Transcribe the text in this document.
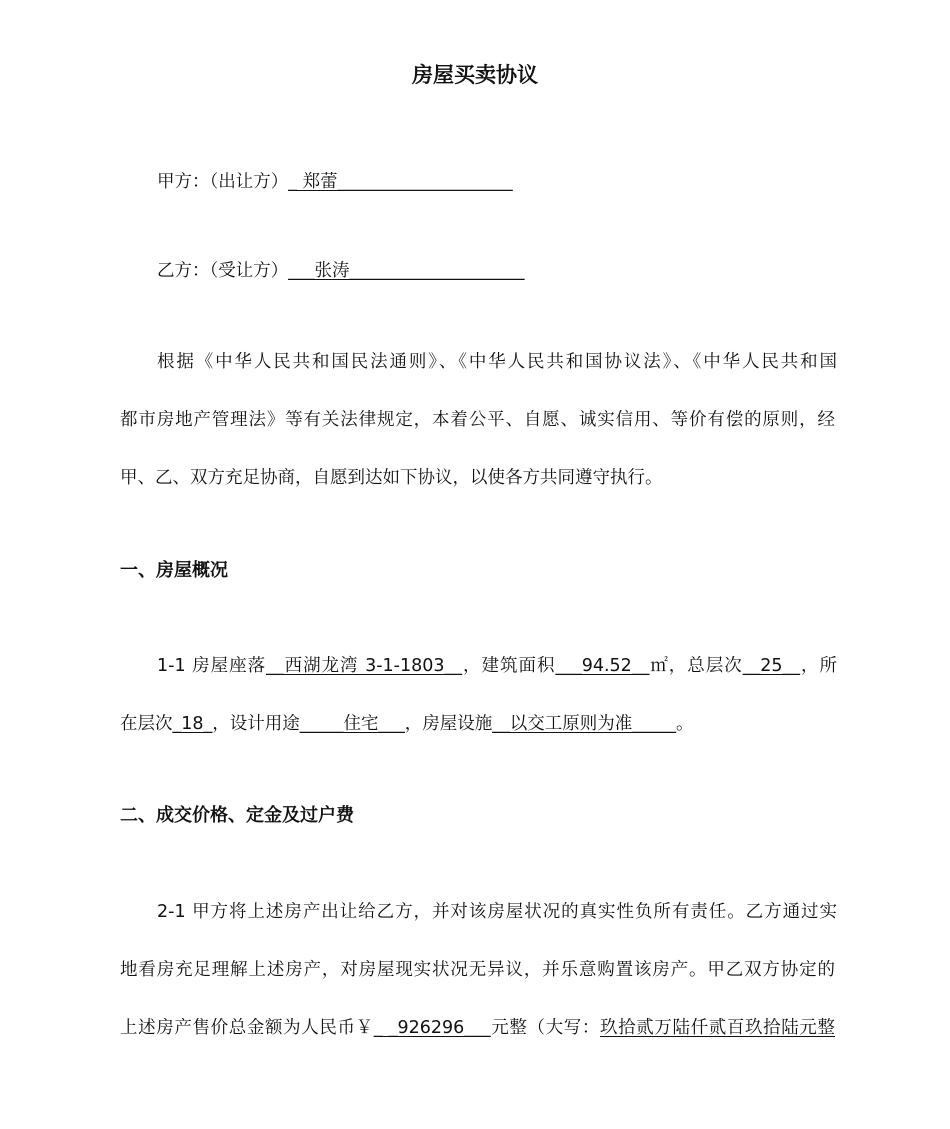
房屋买卖协议
甲方：（出让方）_ 郑蕾____________________
乙方：（受让方）___张涛____________________
根据《中华人民共和国民法通则》、《中华人民共和国协议法》、《中华人民共和国
都市房地产管理法》等有关法律规定，本着公平、自愿、诚实信用、等价有偿的原则，经
甲、乙、双方充足协商，自愿到达如下协议，以使各方共同遵守执行。
一、房屋概况
1-1 房屋座落__西湖龙湾 3-1-1803__，建筑面积___94.52__㎡，总层次__25__，所
在层次_18_，设计用途_____住宅___，房屋设施__以交工原则为准_____。
二、成交价格、定金及过户费
2-1 甲方将上述房产出让给乙方，并对该房屋状况的真实性负所有责任。乙方通过实
地看房充足理解上述房产，对房屋现实状况无异议，并乐意购置该房产。甲乙双方协定的
上述房产售价总金额为人民币￥_ _926296___元整（大写：玖拾贰万陆仟贰百玖拾陆元整
